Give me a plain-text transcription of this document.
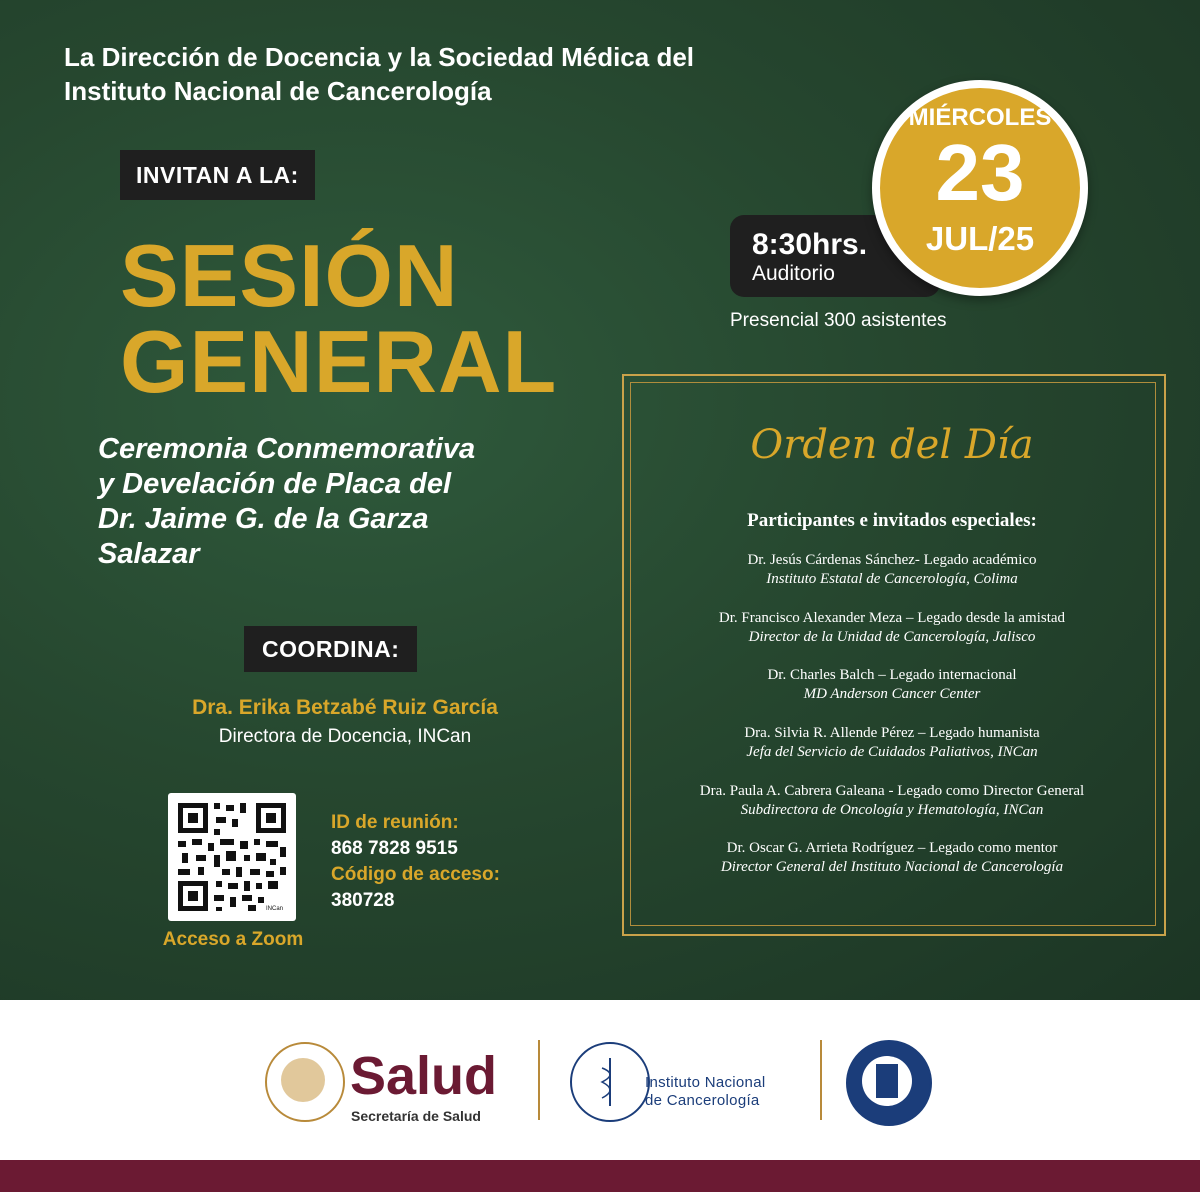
La Dirección de Docencia y la Sociedad Médica del
Instituto Nacional de Cancerología
INVITAN A LA:
SESIÓN
GENERAL
Ceremonia Conmemorativa
y Develación de Placa del
Dr. Jaime G. de la Garza
Salazar
COORDINA:
Dra. Erika Betzabé Ruiz García
Directora de Docencia, INCan
INCan
Acceso a Zoom
ID de reunión:
868 7828 9515
Código de acceso:
380728
8:30hrs.
Auditorio
Presencial 300 asistentes
MIÉRCOLES
23
JUL/25
Orden del Día
Participantes e invitados especiales:
Dr. Jesús Cárdenas Sánchez- Legado académico
Instituto Estatal de Cancerología, Colima
Dr. Francisco Alexander Meza – Legado desde la amistad
Director de la Unidad de Cancerología, Jalisco
Dr. Charles Balch – Legado internacional
MD Anderson Cancer Center
Dra. Silvia R. Allende Pérez – Legado humanista
Jefa del Servicio de Cuidados Paliativos, INCan
Dra. Paula A. Cabrera Galeana - Legado como Director General
Subdirectora de Oncología y Hematología, INCan
Dr. Oscar G. Arrieta Rodríguez – Legado como mentor
Director General del Instituto Nacional de Cancerología
Salud
Secretaría de Salud
Instituto Nacional
de Cancerología
